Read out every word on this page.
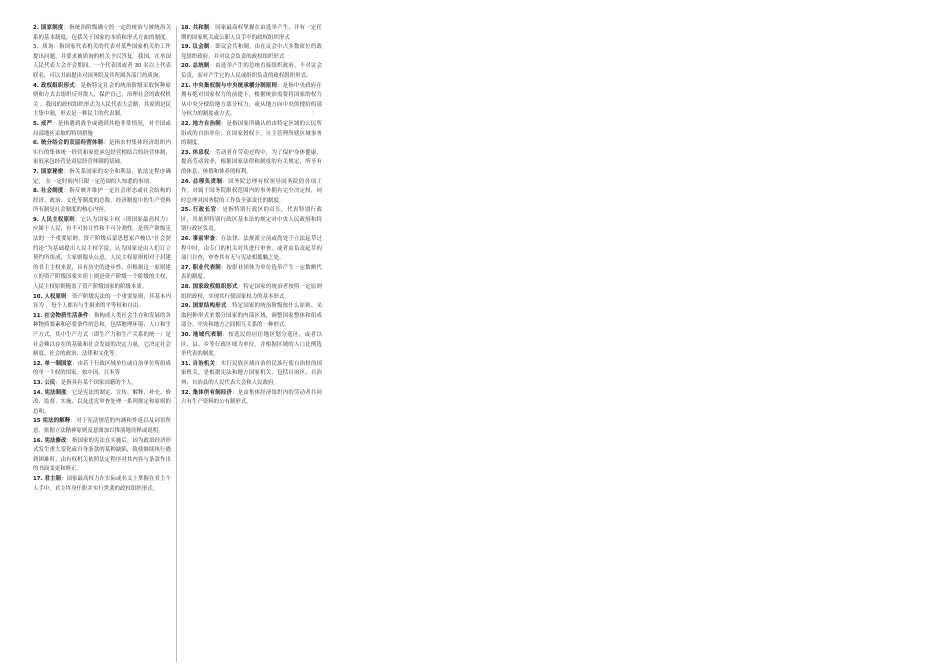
2. 国家制度：指统治阶级确立的一定的统治与被统治关系的基本制度，包括关于国家的本质和形式方面的制度。 3、质询：指国家代表机关的代表对某些国家机关的工作提出问题，并要求被质询的机关予以答复。我国，在举国人民代表大会开会期间，一个代表团或者 30 名以上代表联名，可以书面提出对国务院及其所属各部门的质询。

4. 政权组织形式：是指特定社会的统治阶级采取何种原则和方式去组织反对敌人，保护自己，治理社会的政权机关 。我国的政权组织形式为人民代表大会制，其原则是民主集中制，形式是一种民主的代表制。

5. 戒严：是指遇到战争或遇到其他非常情况，对全国或局部地区采取的特别措施

6. 统分结合的双层经营体制：是指农村集体经济组织内实行的集体统一经营和家庭承包经营相结合的经营体制，家庭承包经营是双层经营体制的基础。

7. 国家秘密：指关系国家的安全和利益，依法定程序确定， 在一定时间内只限一定范围的人知悉的事项。

8. 社会制度：指反映并维护一定社会形态或社会结构的经济、政治、文化等制度的总称。经济制度中的生产资料所有制是社会制度的核心内容。

9. 人民主权原则：它认为国家主权（即国家最高权力）应属于人民，有不可转让性和不可分割性。是资产阶级宪法的一个重要原则。资产阶级启蒙思想家卢梭以“社会契约论”为基础提出人民主权学说，认为国家是由人们订立契约所组成，大家则服从公意，人民主权原则相对于封建的君主主权来说，具有历史的进步性，但根据这一原则建立的资产阶级国家实质上则是资产阶级一个阶级的主权，人民主权原则掩盖了资产阶级国家的阶级本质。

10. 人权原则：资产阶级宪法的一个重要原则，其基本内容为 ，每个人都有与生俱来的平等权和自由。

11. 社会物质生活条件：指构成人类社会生存和发展的各种物质要素和必要条件的总和，包括地理环境、人口和生产方式，其中生产方式（即生产力和生产关系的统一）是社会赖以存在的基础和社会发展的决定力量，它决定社会制度、社会的政治、法律和文化等。

12. 单一制国家：由若干行政区域单位或自治单位所组成的单一主权的国家。如中国，日本等

13. 公民：是指具有某个国家国籍的个人。

14. 宪法制度：它是宪法的制定、宣传、解释、补充、修改、监督、实施、以及违宪审查处理一系列规定和原则的总和。

15 宪法的解释：对于宪法规范的内涵和外延以及词语所意，依据立法精神原则及意图加以推演地诠释或说明。

16. 宪法修改：指国家的宪法在实施后，因为政治经济形式发生重大变化或自身条款的某种缺陷，致使继续执行遇到困难时，由有权机关依照法定程序对其内容与条款作出的书面变更和修正。

17. 君主制：国家最高权力在实际或名义上掌握在君主个人手中，君主终身任职并实行世袭的政权组织形式。

18. 共和制：国家最高权掌握在由选举产生、并有一定任期的国家机关或公职人员手中的政权组织形式

19. 议会制：即议会共和制。由在议会中占多数席位的政党组织政府，并对议会负责的政权组织形式

20. 总统制：由选举产生的总统直接组织政府、不对议会负责，而对产生它的人民或组织负责的政权组织形式。

21. 中央集权制与中央统承横分制原则：是指中央政府在拥有绝对国家权力的前提下，根据统治需要将国家的权力从中央分授给地方部分权力，或从地方向中央的授给的部分权力的制度或方式。

22. 地方自治制：是指国家所确认的由特定区域的公民所组成的自治单位，在国家授权下，自主管理所辖区域事务的制度。

23. 休息权：劳动者在劳动过程中，为了保护身体健康，提高劳动效率，根据国家法律和制度的有关规定，所享有的休息、休假和休养的权利。

24. 总理负责制：国务院总理有权领导国务院的各项工作，对属于国务院职权范围内的事务拥有完全决定权，同时总理对国务院的工作负全部责任的制度。

25. 行政长官：是指特别行政区的首长，代表特别行政区，其依照特别行政区基本法的规定对中央人民政府和特别行政区负责。

26. 事前审查：在法律、法规派立前或尚处于立法起草过程中时，由专门的机关对其进行审查，或者由负责起草的部门自查，审查其有无与宪法相抵触之处。

27. 职业代表制：按职业团体为单位选举产生一定数额代表的制度。

28. 国家政权组织形式：特定国家的统治者按照一定原则组织政权，实现其行使国家权力的基本形式。

29. 国家结构形式：特定国家的统治阶级按什么原则、采取何种形式来划分国家的内部区域，调整国家整体和组成部分、中央和地方之间相互关系的一种形式。

30. 地域代表制：按选民的居住地区划分选区，或者以区、县、乡等行政区域为单位，并根据区域的人口比例选举代表的制度。

31. 自治机关：实行民族区域自治的民族行使自治权的国家机关，是根据宪法和地方国家机关，包括自治区、自治州、自治县的人民代表大会和人民政府。

32. 集体所有制经济：是由集体经济组织内的劳动者共同占有生产资料的公有制形式。

:
.
